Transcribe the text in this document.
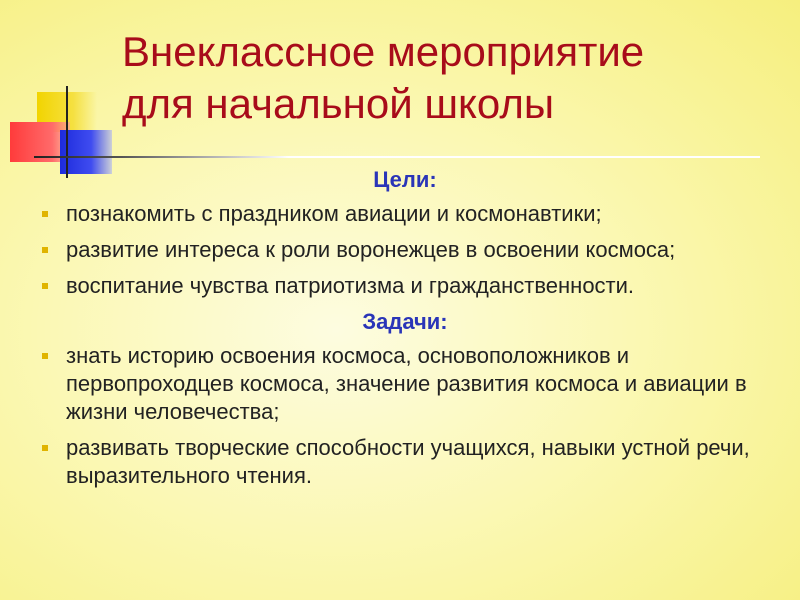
Внеклассное мероприятие
для начальной школы
Цели:
познакомить с праздником авиации и космонавтики;
развитие интереса к роли воронежцев в освоении космоса;
воспитание чувства патриотизма и гражданственности.
Задачи:
знать историю освоения космоса, основоположников и первопроходцев космоса, значение развития космоса и авиации в жизни человечества;
развивать творческие способности учащихся, навыки устной речи, выразительного чтения.
